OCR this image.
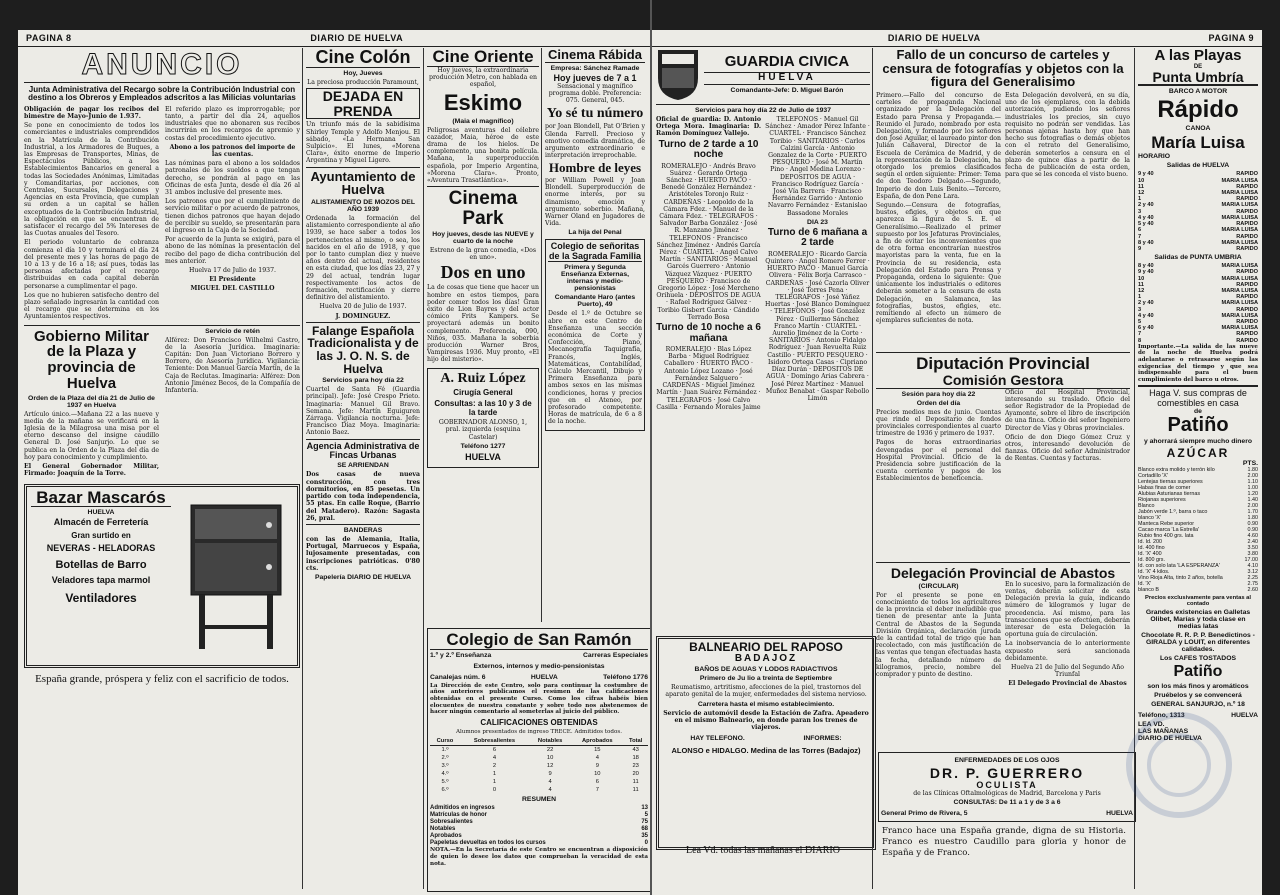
PAGINA 8	DIARIO DE HUELVA
ANUNCIO

Junta Administrativa del Recargo sobre la Contribución Industrial con destino a los Obreros y Empleados adscritos a las Milicias voluntarias

Obligación de pagar los recibos del bimestre de Mayo-Junio de 1.937.

Se pone en conocimiento de todos los comerciantes e industriales comprendidos en la Matrícula de la Contribución Industrial, a los Armadores de Buques, a las Empresas de Transportes, Minas, de Espectáculos Públicos, a los Establecimientos Bancarios en general a todas las Sociedades Anónimas, Limitadas y Comanditarias, por acciones, con Centrales, Sucursales, Delegaciones y Agencias en esta Provincia, que cumplan su orden a un capital se hallen exceptuados de la Contribución Industrial, la obligación en que se encuentran de satisfacer el recargo del 5% Intereses de las Cuotas anuales del Tesoro.

El periodo voluntario de cobranza comienza el día 10 y terminará el día 24 del presente mes y las horas de pago de 10 a 13 y de 16 a 18; así pues, todas las personas afectadas por el recargo distribuidas en cada capital deberán personarse a cumplimentar el pago.

Los que no hubieren satisfecho dentro del plazo señalado ingresarán la cantidad con el recargo que se determina en los Ayuntamientos respectivos.

El referido plazo es improrrogable; por tanto, a partir del día 24, aquellos industriales que no abonaren sus recibos incurrirán en los recargos de apremio y costas del procedimiento ejecutivo.

Abono a los patronos del importe de las cuentas.

Las nóminas para el abono a los soldados patronales de los sueldos a que tengan derecho, se pondrán al pago en las Oficinas de esta Junta, desde el día 26 al 31 ambos inclusive del presente mes.

Los patronos que por el cumplimiento de servicio militar o por acuerdo de patronos, tienen dichos patronos que hayan dejado de percibir su sueldo, se presentarán para el ingreso en la Caja de la Sociedad.

Por acuerdo de la Junta se exigirá, para el abono de las nóminas la presentación del recibo del pago de dicha contribución del mes anterior.

Huelva 17 de Julio de 1937.

El Presidente

MIGUEL DEL CASTILLO

Gobierno Militar de la Plaza y provincia de Huelva

Orden de la Plaza del día 21 de Julio de 1937 en Huelva

Artículo único.—Mañana 22 a las nueve y media de la mañana se verificará en la Iglesia de la Milagrosa una misa por el eterno descanso del insigne caudillo General D. José Sanjurjo. Lo que se publica en la Orden de la Plaza del día de hoy para conocimiento y cumplimiento.

El General Gobernador Militar, Firmado: Joaquín de la Torre.

Servicio de retén

Alférez: Don Francisco Wilhelmi Castro, de la Asesoría Jurídica. Imaginaria: Capitán: Don Juan Victoriano Borrero y Borrero, de Asesoría Jurídica. Vigilancia: Teniente: Don Manuel García Martín, de la Caja de Reclutas. Imaginaria: Alférez: Don Antonio Jiménez Becos, de la Compañía de Infantería.

Bazar Mascarós

HUELVA

Almacén de Ferretería

Gran surtido en

NEVERAS - HELADORAS

Botellas de Barro

Veladores tapa marmol

Ventiladores

España grande, próspera y feliz con el sacrificio de todos.

Cine Colón

Hoy, Jueves

La preciosa producción Paramount,

DEJADA EN PRENDA

Un triunfo más de la sabidísima Shirley Temple y Adolfo Menjou. El sábado, «La Hermana San Sulpicio». El lunes, «Morena Clara», éxito enorme de Imperio Argentina y Miguel Ligero.

Ayuntamiento de Huelva

ALISTAMIENTO DE MOZOS DEL AÑO 1939

Ordenada la formación del alistamiento correspondiente al año 1939, se hace saber a todos los pertenecientes al mismo, o sea, los nacidos en el año de 1918, y que por lo tanto cumplan diez y nueve años dentro del actual, residentes en esta ciudad, que los días 23, 27 y 29 del actual, tendrán lugar respectivamente los actos de formación, rectificación y cierre definitivo del alistamiento.

Huelva 20 de Julio de 1937.

J. DOMINGUEZ.

Falange Española Tradicionalista y de las J. O. N. S. de Huelva

Servicios para hoy día 22

Cuartel de Santa Fé (Guardia principal). Jefe: José Crespo Prieto. Imaginaria: Manuel Gil Bravo. Semana. Jefe: Martín Eguiguren Zárraga. Vigilancia nocturna. Jefe: Francisco Díaz Moya. Imaginaria: Antonio Baez.

Agencia Administrativa de Fincas Urbanas

SE ARRIENDAN

Dos casas de nueva construcción, con tres dormitorios, en 85 pesetas. Un partido con toda independencia, 55 ptas. En calle Roque, (Barrio del Matadero). Razón: Sagasta 26, pral.

BANDERAS

con las de Alemania, Italia, Portugal, Marruecos y España, lujosamente presentadas, con inscripciones patrióticas. 0'80 cts.

Papelería DIARIO DE HUELVA

Cine Oriente

Hoy jueves, la extraordinaria producción Metro, con hablada en español,

Eskimo

(Maia el magnífico)

Peligrosas aventuras del célebre cazador, Maia, héroe de este drama de los hielos. De complemento, una bonita película. Mañana, la superproducción española, por Imperio Argentina, «Morena Clara». Pronto, «Aventura Trasatlántica».

Cinema Park

Hoy jueves, desde las NUEVE y cuarto de la noche

Estreno de la gran comedia, «Dos en uno».

Dos en uno

La de cosas que tiene que hacer un hombre en estos tiempos, para poder comer todos los días! Gran éxito de Lion Bayres y del actor cómico Frits Kampers. Se proyectará además un bonito complemento. Preferencia, 090, Niños, 035. Mañana la soberbia producción Warner Bros, Vampiresas 1936. Muy pronto, «El hijo del misterio».

A. Ruiz López

Cirugía General

Consultas: a las 10 y 3 de la tarde

GOBERNADOR ALONSO, 1, pral. izquierda (esquina Castelar)

Teléfono 1277

HUELVA

Cinema Rábida

Empresa: Sánchez Ramade

Hoy jueves de 7 a 1

Sensacional y magnífico programa doble. Preferencia: 075. General, 045.

Yo sé tu número

por Joan Blondell, Pat O'Brien y Glenda Farrell. Precioso y emotivo comedia dramática, de argumento extraordinario e interpretación irreprochable.

Hombre de leyes

por William Powell y Joan Blondell. Superproducción de enorme interés, por su dinamismo, emoción y argumento soberbio. Mañana, Warner Oland en Jugadores de Vida.

La hija del Penal

Colegio de señoritas de la Sagrada Familia

Primera y Segunda Enseñanza Externas, internas y medio-pensionistas

Comandante Haro (antes Puerto), 49

Desde el 1.º de Octubre se abre en este Centro de Enseñanza una sección económica de Corte y Confección, Piano, Mecanografía Taquigrafía, Francés, Inglés, Matemáticas, Contabilidad, Cálculo Mercantil, Dibujo y Primera Enseñanza para ambos sexos en las mismas condiciones, horas y precios que en el Ateneo, por profesorado competente. Horas de matrícula, de 6 a 8 de la noche.

Colegio de San Ramón

1.º y 2.º Enseñanza	Carreras Especiales

Externos, internos y medio-pensionistas

Canalejas núm. 6	HUELVA	Teléfono 1776

La Dirección de este Centro, solo para continuar la costumbre de años anteriores publicamos el resúmen de las calificaciones obtenidas en el presente Curso. Como los cifras habéis bien elocuentes de nuestra constante y sobre todo nos abstenemos de hacer ningún comentario al someterlas al juicio del público.

CALIFICACIONES OBTENIDAS

Alumnos presentados de ingreso TRECE. Admitidos todos.

Curso	Sobresalientes	Notables	Aprobados	Total
1.º	6	22	15	43
2.º	4	10	4	18
3.º	2	12	9	23
4.º	1	9	10	20
5.º	1	4	6	11
6.º	0	4	7	11

RESUMEN

Admitidos en ingresos	13
Matrículas de honor	5
Sobresalientes	75
Notables	68
Aprobados	35
Papeletas devueltas en todos los cursos	0

NOTA.—En la Secretaría de este Centro se encuentran a disposición de quien lo desee los datos que comprueban la veracidad de esta nota.

DIARIO DE HUELVA	PAGINA 9

GUARDIA CIVICA

HUELVA

Comandante-Jefe: D. Miguel Barón

Servicios para hoy día 22 de Julio de 1937

Oficial de guardia: D. Antonio Ortega Mora. Imaginaria: D. Ramón Domínguez Vallejo.

Turno de 2 tarde a 10 noche

ROMERALEJO · Andrés Bravo Suárez · Gerardo Ortega Sánchez · HUERTO PACO · Benedé González Hernández · Aristóteles Toronjo Ruiz · CARDEÑAS · Leopoldo de la Cámara Fdez. · Manuel de la Cámara Fdez. · TELEGRAFOS · Salvador Barba González · José R. Manzano Jiménez · TELEFONOS · Francisco Sánchez Jiménez · Andrés García Pérez · CUARTEL · Angel Calvo Martín · SANITARIOS · Manuel Garcés Guerrero · Antonio Vázquez Vázquez · PUERTO PESQUERO · Francisco de Gregorio López · José Mercheno Orihuela · DEPOSITOS DE AGUA · Rafael Rodríguez Gálvez · Toribio Gisbert Garcia · Cándido Terrado Bosa

Turno de 10 noche a 6 mañana

ROMERALEJO · Blas López Barba · Miguel Rodríguez Caballero · HUERTO PACO · Antonio López Lozano · José Fernández Salguero · CARDEÑAS · Miguel Jiménez Martín · Juan Suárez Fernández · TELEGRAFOS · José Calvo Casilla · Fernando Morales Jaime

TELEFONOS · Manuel Gil Sánchez · Amador Pérez Infante · CUARTEL · Francisco Sánchez Toribio · SANITARIOS · Carlos Calzini García · Antonio Gonzalez de la Corte · PUERTO PESQUERO · José M. Martín Pino · Angel Medina Lorenzo · DEPOSITOS DE AGUA · Francisco Rodríguez García · José Vía Barrera · Francisco Hernández Garrido · Antonio Navarro Fernández · Estanislao Bassadone Morales

DIA 23

Turno de 6 mañana a 2 tarde

ROMERALEJO · Ricardo García Quintero · Angel Romero Ferrer · HUERTO PACO · Manuel García Olivera · Félix Borja Carrasco · CARDEÑAS · José Cazorla Oliver · José Torres Pena · TELEGRAFOS · José Yáñez Huertas · José Blanco Domínguez · TELEFONOS · José González Pérez · Guillermo Sánchez Franco Martín · CUARTEL · Aurelio Jiménez de la Corte · SANITARIOS · Antonio Fidalgo Rodríguez · Juan Revuelta Ruiz Castillo · PUERTO PESQUERO · Isidoro Ortega Casas · Cipriano Díaz Durán · DEPOSITOS DE AGUA · Domingo Arias Cabrera · José Pérez Martínez · Manuel Muñoz Benabat · Gaspar Rebollo Limón

BALNEARIO DEL RAPOSO

BADAJOZ

BAÑOS DE AGUAS Y LODOS RADIACTIVOS

Primero de Ju lio a treinta de Septiembre

Reumatismo, artritismo, afecciones de la piel, trastornos del aparato genital de la mujer, enfermedades del sistema nervioso.

Carretera hasta el mismo establecimiento.

Servicio de automóvil desde la Estación de Zafra. Apeadero en el mismo Balneario, en donde paran los trenes de viajeros.

HAY TELEFONO.	INFORMES:

ALONSO e HIDALGO. Medina de las Torres (Badajoz)

Lea Vd. todas las mañanas el DIARIO

Fallo de un concurso de carteles y censura de fotografías y objetos con la figura del Generalisimo

Primero.—Fallo del concurso de carteles de propaganda Nacional organizado por la Delegación del Estado para Prensa y Propaganda.—Reunido el Jurado, nombrado por esta Delegación, y formado por los señores don José Aguilar, el laureado pintor don Julián Cañaveral, Director de la Escuela de Cerámica de Madrid, y de la representación de la Delegación, ha otorgado los premios clasificados según el orden siguiente: Primer: Tema de don Teodoro Delgado.—Segundo, Imperio de don Luis Benito.—Tercero, España, de don Pene Lara.

Segundo.—Censura de fotografías, bustos, efigies, y objetos en que aparezca la figura de S. E. el Generalísimo.—Realizado el primer supuesto por los Jefaturas Provinciales, a fin de evitar los inconvenientes que de otra forma encontrarían nuestros mayoristas para la venta, fue en la Provincia de su residencia, esta Delegación del Estado para Prensa y Propaganda, ordena lo siguiente: Que únicamente los industriales o editores deberán someter a la censura de esta Delegación, en Salamanca, las fotografías, bustos, efigies, etc. remitiendo al efecto un número de ejemplares suficientes de nota.

Esta Delegación devolverá, en su día, uno de los ejemplares, con la debida autorización, pudiendo los señores industriales los precios, sin cuyo requisito no podrán ser vendidas. Las personas ajenas hasta hoy que han hecho sus fotografías o demás objetos con el retrato del Generalísimo, deberán someterlos a censura en el plazo de quince días a partir de la fecha de publicación de esta orden, para que se les conceda el visto bueno.

Diputación Provincial

Comisión Gestora

Sesión para hoy día 22

Orden del día

Precios medios mes de junio. Cuentas que rinde el Depositario de fondos provinciales correspondientes al cuarto trimestre de 1936 y primero de 1937.

Pagos de horas extraordinarias devengadas por el personal del Hospital Provincial. Oficio de la Presidencia sobre justificación de la cuenta corriente y pagos de los Establecimientos de beneficencia.

Oficio del Hospital Provincial, interesando su traslado. Oficio del señor Registrador de la Propiedad de Ayamonte, sobre el libro de inscripción de una finca. Oficio del señor Ingeniero Director de Vías y Obras provinciales.

Oficio de don Diego Gómez Cruz y otros, interesando devolución de fianzas. Oficio del señor Administrador de Rentas. Cuentas y facturas.

Delegación Provincial de Abastos

(CIRCULAR)

Por el presente se pone en conocimiento de todos los agricultores de la provincia el deber ineludible que tienen de presentar ante la Junta Central de Abastos de la Segunda División Orgánica, declaración jurada de la cantidad total de trigo que han recolectado, con más justificación de las ventas que tengan efectuadas hasta la fecha, detallando número de kilogramos, precio, nombre del comprador y punto de destino.

En lo sucesivo, para la formalización de ventas, deberán solicitar de esta Delegación previa la guía, indicando número de kilogramos y lugar de procedencia. Así mismo, para las transacciones que se efectúen, deberán interesar de esta Delegación la oportuna guía de circulación.

La inobservancia de lo anteriormente expuesto será sancionada debidamente.

Huelva 21 de Julio del Segundo Año Triunfal

El Delegado Provincial de Abastos

ENFERMEDADES DE LOS OJOS

DR. P. GUERRERO

OCULISTA

de las Clínicas Oftalmológicas de Madrid, Barcelona y Paris

CONSULTAS: De 11 a 1 y de 3 a 6

General Primo de Rivera, 5	HUELVA

Franco hace una España grande, digna de su Historia. Franco es nuestro Caudillo para gloria y honor de España y de Franco.

A las Playas

DE

Punta Umbría

BARCO A MOTOR

Rápido

CANOA

María Luisa

HORARIO

Salidas de HUELVA

9 y 40	RAPIDO
10	MARIA LUISA
11	RAPIDO
12	MARIA LUISA
1	RAPIDO
2 y 40	MARIA LUISA
3	RAPIDO
4 y 40	MARIA LUISA
5 y 40	RAPIDO
6	MARIA LUISA
7	RAPIDO
8 y 40	MARIA LUISA
9	RAPIDO

Salidas de PUNTA UMBRIA

8 y 40	MARIA LUISA
9 y 40	RAPIDO
10	MARIA LUISA
11	RAPIDO
12	MARIA LUISA
1	RAPIDO
2 y 40	MARIA LUISA
3	RAPIDO
4 y 40	MARIA LUISA
5	RAPIDO
6 y 40	MARIA LUISA
7	RAPIDO
8	RAPIDO

Importante.—La salida de las nueve de la noche de Huelva podrá adelantarse o retrasarse según las exigencias del tiempo y que sea indispensable para el buen cumplimiento del barco u otros.

Haga V. sus compras de comestibles en casa

de

Patiño

y ahorrará siempre mucho dinero

AZÚCAR

PTS.

Blanco extra molido y terrón kilo	1.80
Cortadillo 'X'	2.00
Lentejas tiernas superiores	1.10
Habas finas de comer	1.00
Alubias Asturianas tiernas	1.20
Riojanas superiores	1.40
Blanco	2.00
Jabón verde 1.º, barra o taco	1.70
blanco 'X'	1.80
Manteca Rebe superior	0.90
Cacao marca 'La Estrella'	0.90
Rubio fino 400 grs. lata	4.60
Id. Id. 200	2.40
Id. 400 fino	3.50
Id. 'X' 400	3.80
Id. 800 grs.	17.00
Id. con solo lata 'LA ESPERANZA'	4.10
Id. 'X' 4 kilos.	3.12
Vino Rioja Alta, tinto 2 años, botella	2.25
Id. 'X'	2.75
blanco B	2.60

Precios exclusivamente para ventas al contado

Grandes existencias en Galletas Olibet, Marías y toda clase en medias latas

Chocolate R. R. P. P. Benedictinos - GIRALDA y LOUIT, en diferentes calidades.

Los CAFES TOSTADOS

Patiño

son los más finos y aromáticos

Pruébelos y se convencerá

GENERAL SANJURJO, n.º 18

Teléfono, 1313	HUELVA

LEA VD.

LAS MAÑANAS

DIARIO DE HUELVA
